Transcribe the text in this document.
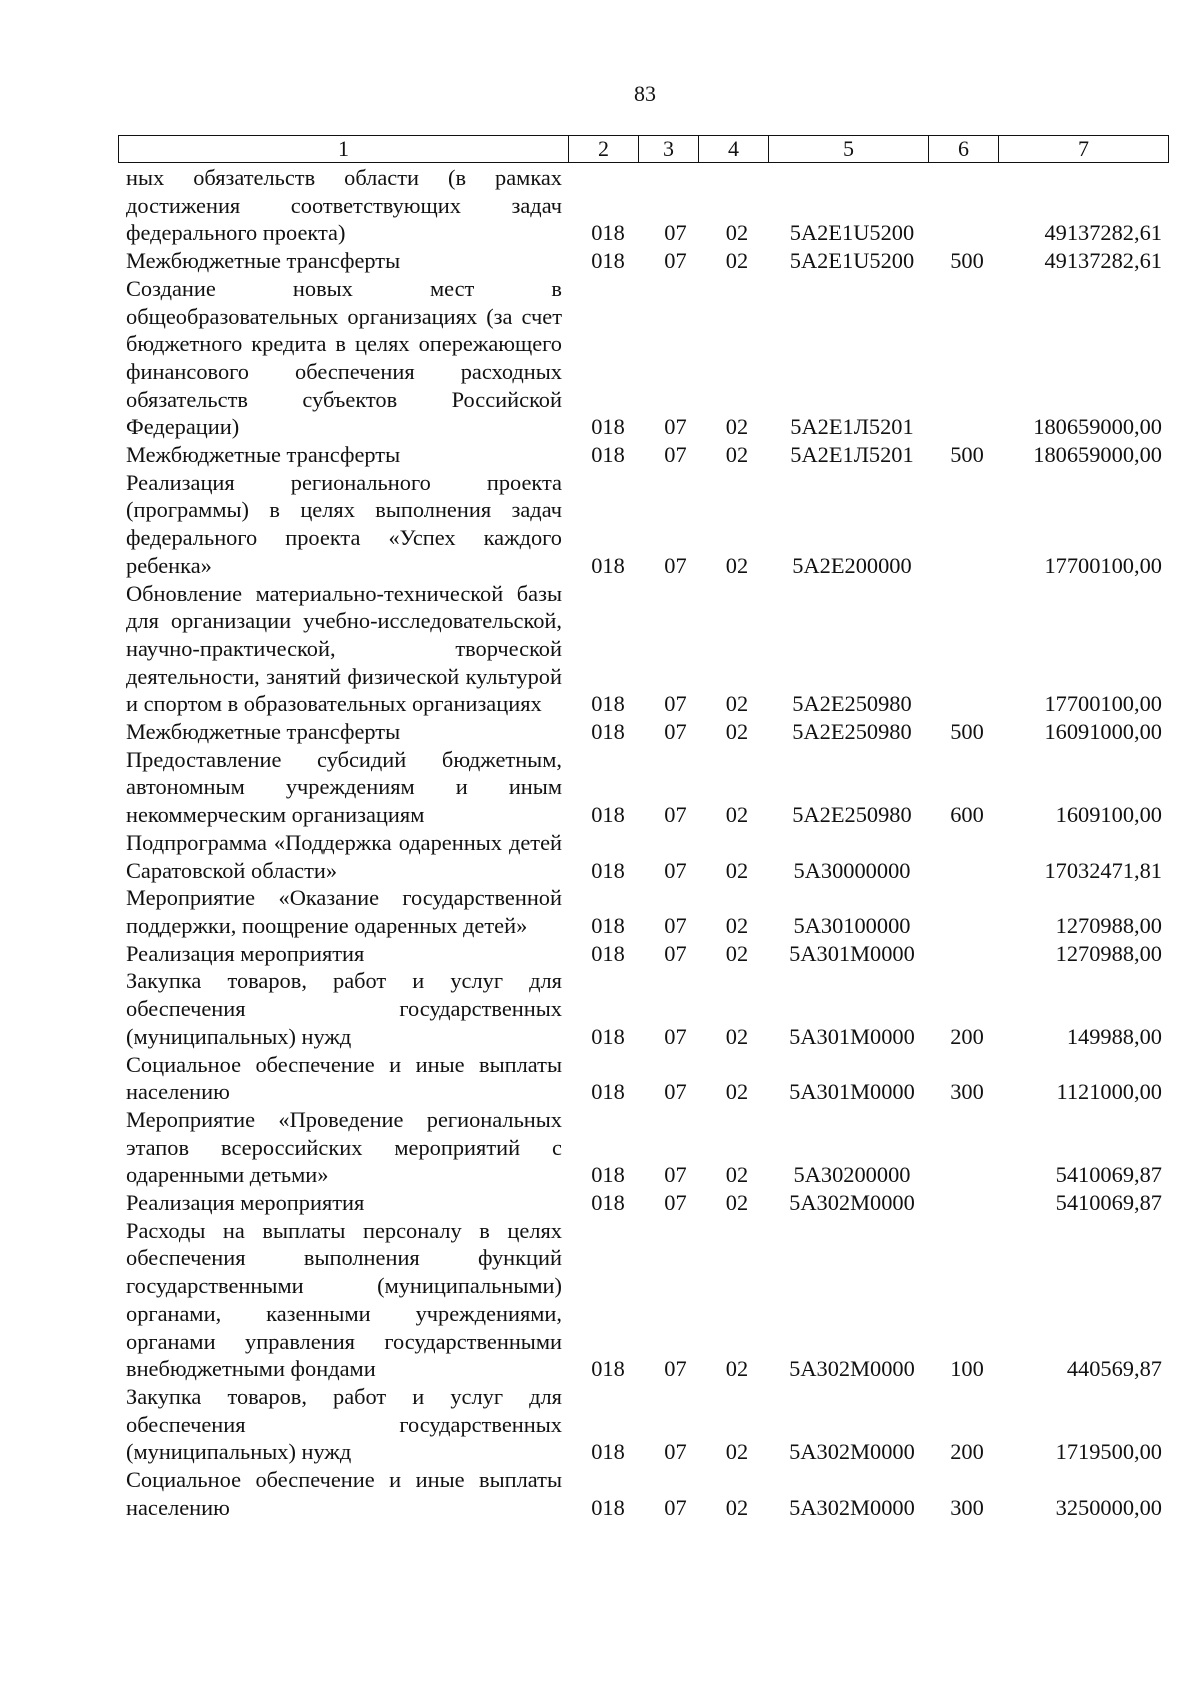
83
1	2	3	4	5	6	7
ных обязательств области (в рамках достижения соответствующих задач федерального проекта)	018	07	02	5А2Е1U5200		49137282,61
Межбюджетные трансферты	018	07	02	5А2Е1U5200	500	49137282,61
Создание новых мест в общеобразовательных организациях (за счет бюджетного кредита в целях опережающего финансового обеспечения расходных обязательств субъектов Российской Федерации)	018	07	02	5А2Е1Л5201		180659000,00
Межбюджетные трансферты	018	07	02	5А2Е1Л5201	500	180659000,00
Реализация регионального проекта (программы) в целях выполнения задач федерального проекта «Успех каждого ребенка»	018	07	02	5А2Е200000		17700100,00
Обновление материально-технической базы для организации учебно-исследовательской, научно-практической, творческой деятельности, занятий физической культурой и спортом в образовательных организациях	018	07	02	5А2Е250980		17700100,00
Межбюджетные трансферты	018	07	02	5А2Е250980	500	16091000,00
Предоставление субсидий бюджетным, автономным учреждениям и иным некоммерческим организациям	018	07	02	5А2Е250980	600	1609100,00
Подпрограмма «Поддержка одаренных детей Саратовской области»	018	07	02	5А30000000		17032471,81
Мероприятие «Оказание государственной поддержки, поощрение одаренных детей»	018	07	02	5А30100000		1270988,00
Реализация мероприятия	018	07	02	5А301М0000		1270988,00
Закупка товаров, работ и услуг для обеспечения государственных (муниципальных) нужд	018	07	02	5А301М0000	200	149988,00
Социальное обеспечение и иные выплаты населению	018	07	02	5А301М0000	300	1121000,00
Мероприятие «Проведение региональных этапов всероссийских мероприятий с одаренными детьми»	018	07	02	5А30200000		5410069,87
Реализация мероприятия	018	07	02	5А302М0000		5410069,87
Расходы на выплаты персоналу в целях обеспечения выполнения функций государственными (муниципальными) органами, казенными учреждениями, органами управления государственными внебюджетными фондами	018	07	02	5А302М0000	100	440569,87
Закупка товаров, работ и услуг для обеспечения государственных (муниципальных) нужд	018	07	02	5А302М0000	200	1719500,00
Социальное обеспечение и иные выплаты населению	018	07	02	5А302М0000	300	3250000,00
